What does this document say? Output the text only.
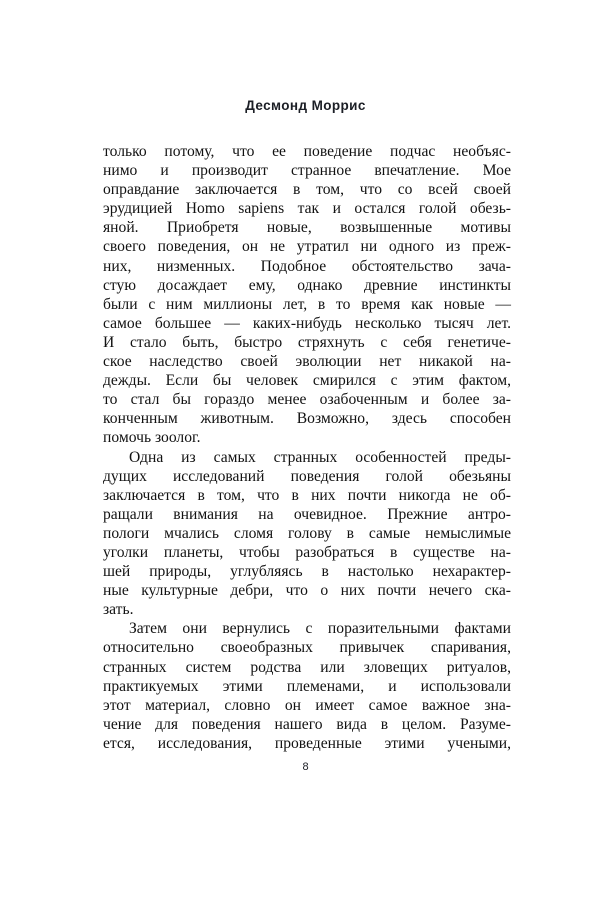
Десмонд Моррис
только потому, что ее поведение подчас необъяс-
нимо и производит странное впечатление. Мое
оправдание заключается в том, что со всей своей
эрудицией Homo sapiens так и остался голой обезь-
яной. Приобретя новые, возвышенные мотивы
своего поведения, он не утратил ни одного из преж-
них, низменных. Подобное обстоятельство зача-
стую досаждает ему, однако древние инстинкты
были с ним миллионы лет, в то время как новые —
самое большее — каких-нибудь несколько тысяч лет.
И стало быть, быстро стряхнуть с себя генетиче-
ское наследство своей эволюции нет никакой на-
дежды. Если бы человек смирился с этим фактом,
то стал бы гораздо менее озабоченным и более за-
конченным животным. Возможно, здесь способен
помочь зоолог.
Одна из самых странных особенностей преды-
дущих исследований поведения голой обезьяны
заключается в том, что в них почти никогда не об-
ращали внимания на очевидное. Прежние антро-
пологи мчались сломя голову в самые немыслимые
уголки планеты, чтобы разобраться в существе на-
шей природы, углубляясь в настолько нехарактер-
ные культурные дебри, что о них почти нечего ска-
зать.
Затем они вернулись с поразительными фактами
относительно своеобразных привычек спаривания,
странных систем родства или зловещих ритуалов,
практикуемых этими племенами, и использовали
этот материал, словно он имеет самое важное зна-
чение для поведения нашего вида в целом. Разуме-
ется, исследования, проведенные этими учеными,
8
